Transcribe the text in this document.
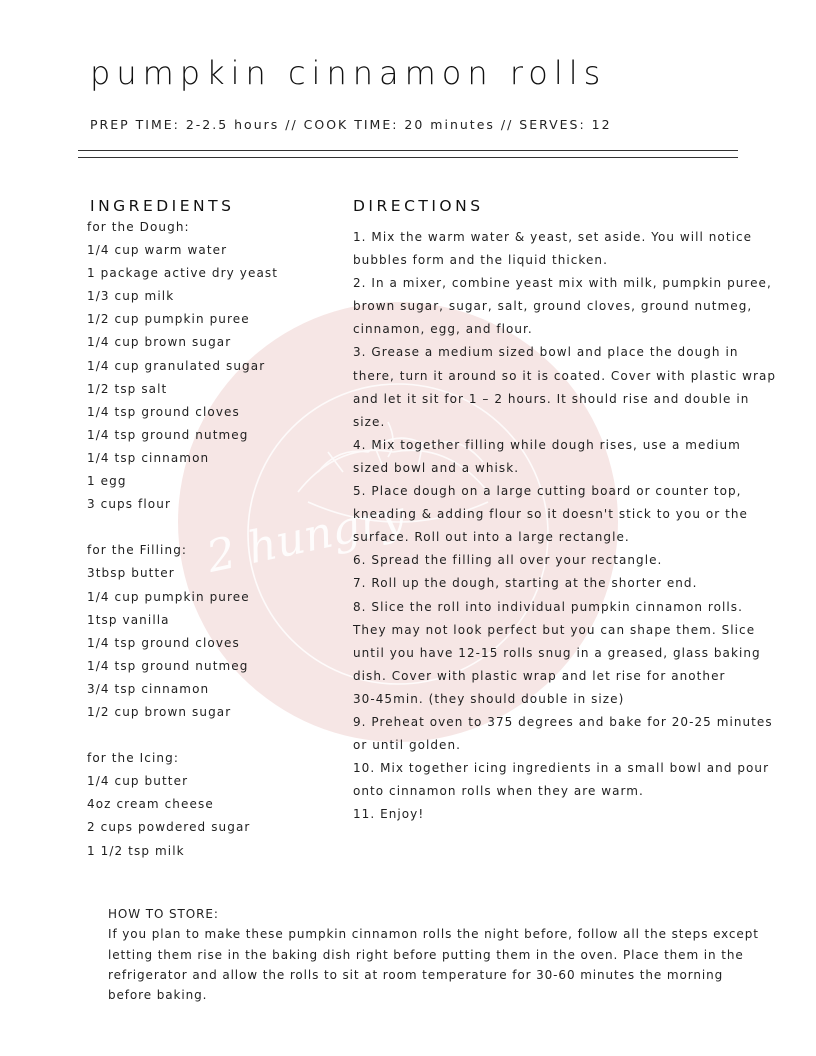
2 hungry
pumpkin cinnamon rolls
PREP TIME: 2-2.5 hours // COOK TIME: 20 minutes // SERVES: 12
INGREDIENTS	DIRECTIONS
for the Dough:
1/4 cup warm water
1 package active dry yeast
1/3 cup milk
1/2 cup pumpkin puree
1/4 cup brown sugar
1/4 cup granulated sugar
1/2 tsp salt
1/4 tsp ground cloves
1/4 tsp ground nutmeg
1/4 tsp cinnamon
1 egg
3 cups flour
for the Filling:
3tbsp butter
1/4 cup pumpkin puree
1tsp vanilla
1/4 tsp ground cloves
1/4 tsp ground nutmeg
3/4 tsp cinnamon
1/2 cup brown sugar
for the Icing:
1/4 cup butter
4oz cream cheese
2 cups powdered sugar
1 1/2 tsp milk
1. Mix the warm water & yeast, set aside. You will notice
bubbles form and the liquid thicken.
2. In a mixer, combine yeast mix with milk, pumpkin puree,
brown sugar, sugar, salt, ground cloves, ground nutmeg,
cinnamon, egg, and flour.
3. Grease a medium sized bowl and place the dough in
there, turn it around so it is coated. Cover with plastic wrap
and let it sit for 1 – 2 hours. It should rise and double in
size.
4. Mix together filling while dough rises, use a medium
sized bowl and a whisk.
5. Place dough on a large cutting board or counter top,
kneading & adding flour so it doesn't stick to you or the
surface. Roll out into a large rectangle.
6. Spread the filling all over your rectangle.
7. Roll up the dough, starting at the shorter end.
8. Slice the roll into individual pumpkin cinnamon rolls.
They may not look perfect but you can shape them. Slice
until you have 12-15 rolls snug in a greased, glass baking
dish. Cover with plastic wrap and let rise for another
30-45min. (they should double in size)
9. Preheat oven to 375 degrees and bake for 20-25 minutes
or until golden.
10. Mix together icing ingredients in a small bowl and pour
onto cinnamon rolls when they are warm.
11. Enjoy!
HOW TO STORE:
If you plan to make these pumpkin cinnamon rolls the night before, follow all the steps except
letting them rise in the baking dish right before putting them in the oven. Place them in the
refrigerator and allow the rolls to sit at room temperature for 30-60 minutes the morning
before baking.
